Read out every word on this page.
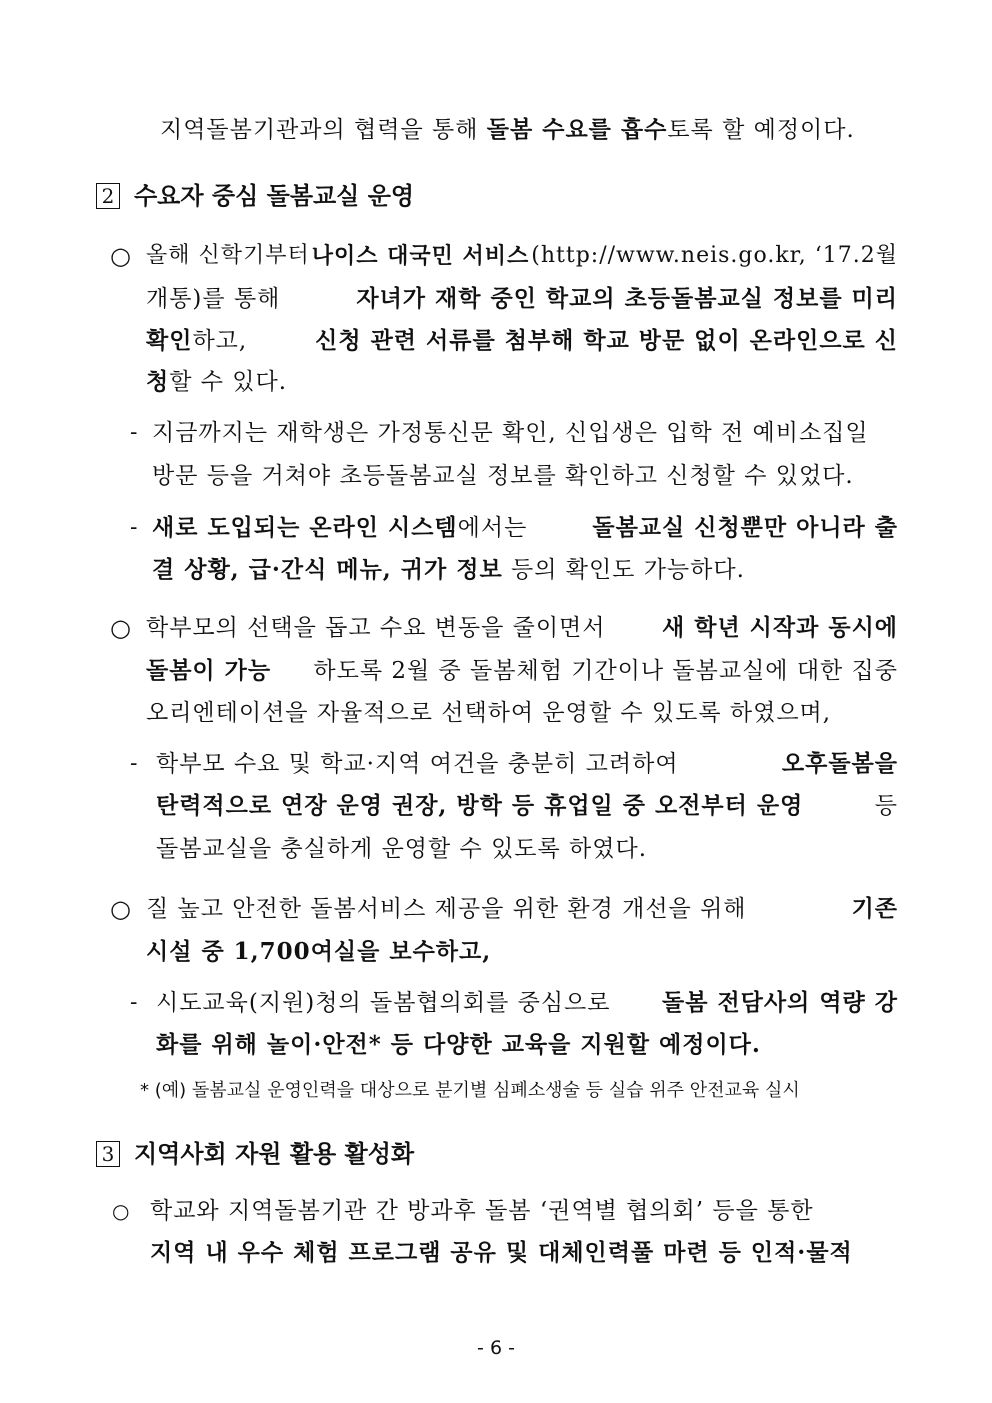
지역돌봄기관과의 협력을 통해 돌봄 수요를 흡수토록 할 예정이다.
2 수요자 중심 돌봄교실 운영
○ 올해 신학기부터 나이스 대국민 서비스 (http://www.neis.go.kr, ‘17.2월
개통)를 통해	자녀가 재학 중인 학교의 초등돌봄교실 정보를 미리
확인하고,	신청 관련 서류를 첨부해 학교 방문 없이 온라인으로 신
청할 수 있다.
- 지금까지는 재학생은 가정통신문 확인, 신입생은 입학 전 예비소집일
방문 등을 거쳐야 초등돌봄교실 정보를 확인하고 신청할 수 있었다.
- 새로 도입되는 온라인 시스템에서는	돌봄교실 신청뿐만 아니라 출
결 상황, 급·간식 메뉴, 귀가 정보 등의 확인도 가능하다.
○ 학부모의 선택을 돕고 수요 변동을 줄이면서 새 학년 시작과 동시에
돌봄이 가능 하도록 2월 중 돌봄체험 기간이나 돌봄교실에 대한 집중
오리엔테이션을 자율적으로 선택하여 운영할 수 있도록 하였으며,
- 학부모 수요 및 학교·지역 여건을 충분히 고려하여	오후돌봄을
탄력적으로 연장 운영 권장, 방학 등 휴업일 중 오전부터 운영	등
돌봄교실을 충실하게 운영할 수 있도록 하였다.
○ 질 높고 안전한 돌봄서비스 제공을 위한 환경 개선을 위해	기존
시설 중 1,700여실을 보수하고,
- 시도교육(지원)청의 돌봄협의회를 중심으로 돌봄 전담사의 역량 강
화를 위해 놀이·안전* 등 다양한 교육을 지원할 예정이다.
* (예) 돌봄교실 운영인력을 대상으로 분기별 심폐소생술 등 실습 위주 안전교육 실시
3 지역사회 자원 활용 활성화
○ 학교와 지역돌봄기관 간 방과후 돌봄 ‘권역별 협의회’ 등을 통한
지역 내 우수 체험 프로그램 공유 및 대체인력풀 마련 등 인적·물적
- 6 -
